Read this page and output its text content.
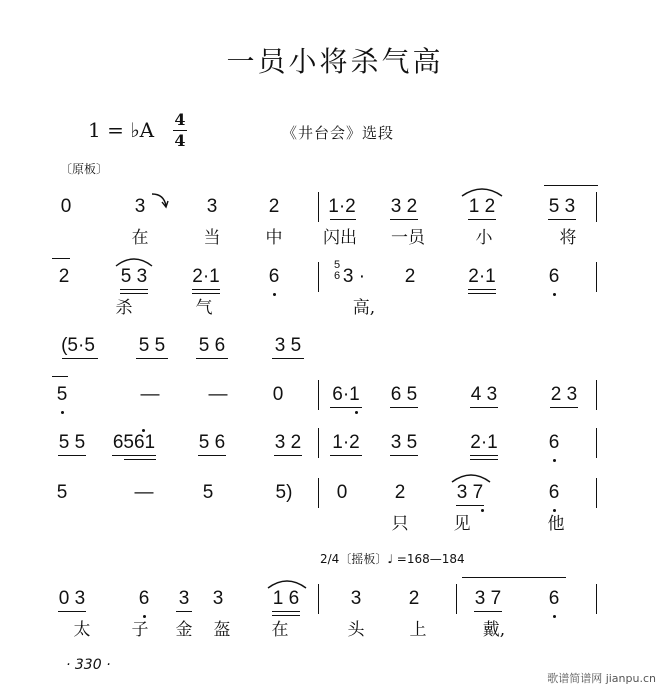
一员小将杀气高
1 = ♭A 4
4	《井台会》选段
〔原板〕
0	3	3	2	1·2 3 2	1 2	5 3
在	当	中 闪出 一员	小	将
2	5 3 2·1	6
5 6 3 · 2	2·1	6
杀	气	高,
(5·5 5 5 5 6	3 5
5	—	— 0	6·1 6 5	4 3	2 3
5 5 6561 5 6	3 2 1·2 3 5	2·1	6
5	—	5	5) 0 2	3 7	6
只	见	他
2/4〔摇板〕♩ =168—184
0 3	6 3 3	1 6	3 2	3 7	6
太 子 金 盔 在	头	上	戴,
· 330 ·
歌谱简谱网 jianpu.cn
